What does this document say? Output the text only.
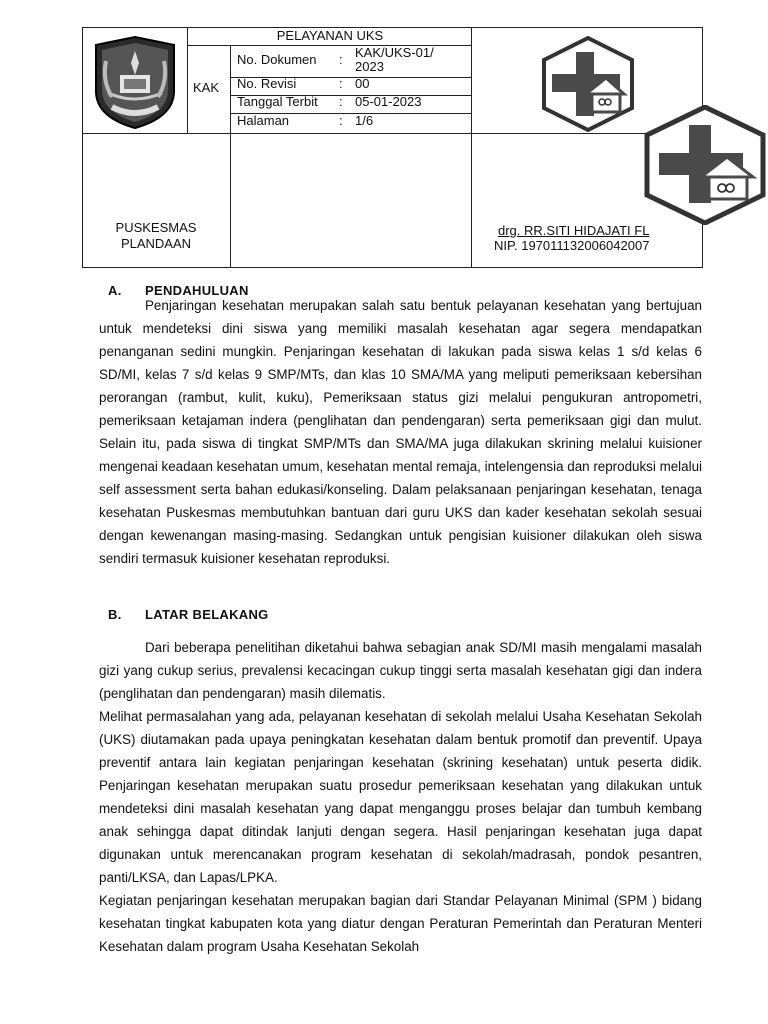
PELAYANAN UKS
KAK
No. Dokumen : KAK/UKS-01/
2023
No. Revisi	: 00
Tanggal Terbit : 05-01-2023
Halaman	: 1/6
PUSKESMAS
PLANDAAN
drg. RR.SITI HIDAJATI FL
NIP. 197011132006042007
A. PENDAHULUAN

Penjaringan kesehatan merupakan salah satu bentuk pelayanan kesehatan yang bertujuan untuk mendeteksi dini siswa yang memiliki masalah kesehatan agar segera mendapatkan penanganan sedini mungkin. Penjaringan kesehatan di lakukan pada siswa kelas 1 s/d kelas 6 SD/MI, kelas 7 s/d kelas 9 SMP/MTs, dan klas 10 SMA/MA yang meliputi pemeriksaan kebersihan perorangan (rambut, kulit, kuku), Pemeriksaan status gizi melalui pengukuran antropometri, pemeriksaan ketajaman indera (penglihatan dan pendengaran) serta pemeriksaan gigi dan mulut. Selain itu, pada siswa di tingkat SMP/MTs dan SMA/MA juga dilakukan skrining melalui kuisioner mengenai keadaan kesehatan umum, kesehatan mental remaja, intelengensia dan reproduksi melalui self assessment serta bahan edukasi/konseling. Dalam pelaksanaan penjaringan kesehatan, tenaga kesehatan Puskesmas membutuhkan bantuan dari guru UKS dan kader kesehatan sekolah sesuai dengan kewenangan masing-masing. Sedangkan untuk pengisian kuisioner dilakukan oleh siswa sendiri termasuk kuisioner kesehatan reproduksi.

B. LATAR BELAKANG

Dari beberapa penelitihan diketahui bahwa sebagian anak SD/MI masih mengalami masalah gizi yang cukup serius, prevalensi kecacingan cukup tinggi serta masalah kesehatan gigi dan indera (penglihatan dan pendengaran) masih dilematis.

Melihat permasalahan yang ada, pelayanan kesehatan di sekolah melalui Usaha Kesehatan Sekolah (UKS) diutamakan pada upaya peningkatan kesehatan dalam bentuk promotif dan preventif. Upaya preventif antara lain kegiatan penjaringan kesehatan (skrining kesehatan) untuk peserta didik. Penjaringan kesehatan merupakan suatu prosedur pemeriksaan kesehatan yang dilakukan untuk mendeteksi dini masalah kesehatan yang dapat menganggu proses belajar dan tumbuh kembang anak sehingga dapat ditindak lanjuti dengan segera. Hasil penjaringan kesehatan juga dapat digunakan untuk merencanakan program kesehatan di sekolah/madrasah, pondok pesantren, panti/LKSA, dan Lapas/LPKA.

Kegiatan penjaringan kesehatan merupakan bagian dari Standar Pelayanan Minimal (SPM ) bidang kesehatan tingkat kabupaten kota yang diatur dengan Peraturan Pemerintah dan Peraturan Menteri Kesehatan dalam program Usaha Kesehatan Sekolah
